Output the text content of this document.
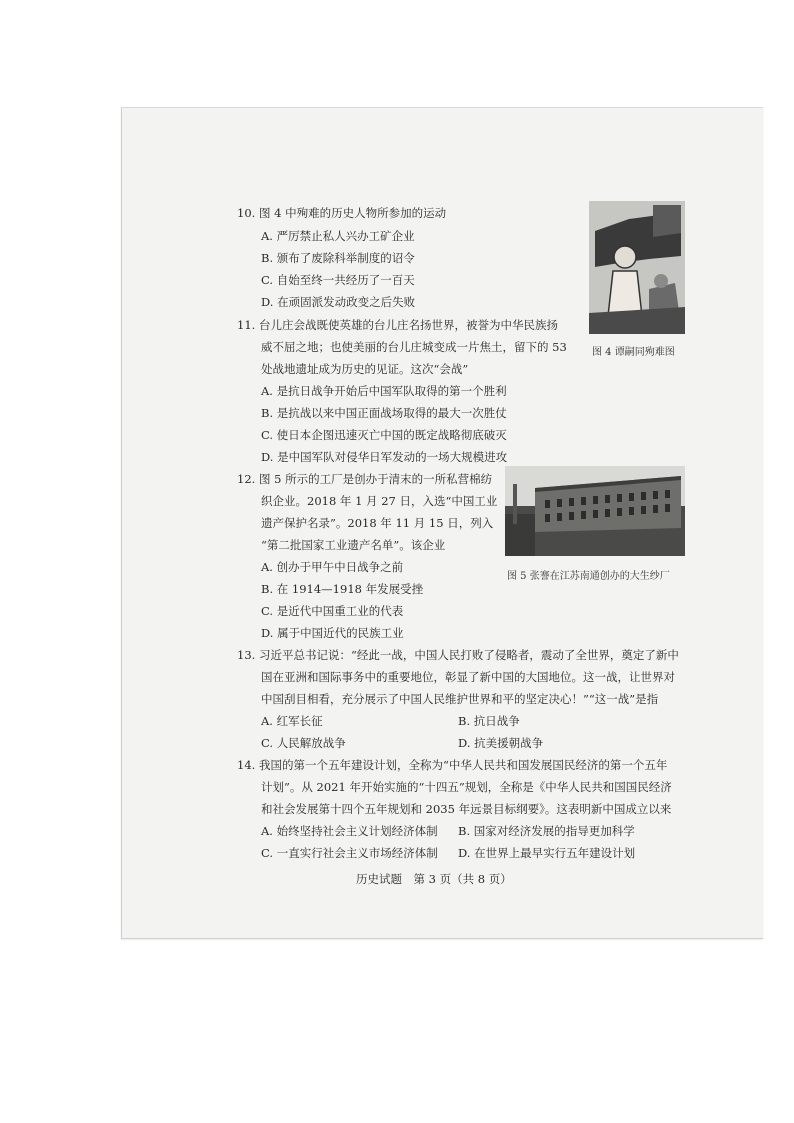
10. 图 4 中殉难的历史人物所参加的运动
A. 严厉禁止私人兴办工矿企业
B. 颁布了废除科举制度的诏令
C. 自始至终一共经历了一百天
D. 在顽固派发动政变之后失败
图 4 谭嗣同殉难图
11. 台儿庄会战既使英雄的台儿庄名扬世界，被誉为中华民族扬
威不屈之地；也使美丽的台儿庄城变成一片焦土，留下的 53
处战地遗址成为历史的见证。这次“会战”
A. 是抗日战争开始后中国军队取得的第一个胜利
B. 是抗战以来中国正面战场取得的最大一次胜仗
C. 使日本企图迅速灭亡中国的既定战略彻底破灭
D. 是中国军队对侵华日军发动的一场大规模进攻
12. 图 5 所示的工厂是创办于清末的一所私营棉纺
织企业。2018 年 1 月 27 日，入选“中国工业
遗产保护名录”。2018 年 11 月 15 日，列入
“第二批国家工业遗产名单”。该企业
A. 创办于甲午中日战争之前
B. 在 1914—1918 年发展受挫
C. 是近代中国重工业的代表
D. 属于中国近代的民族工业
图 5 张謇在江苏南通创办的大生纱厂
13. 习近平总书记说：“经此一战，中国人民打败了侵略者，震动了全世界，奠定了新中
国在亚洲和国际事务中的重要地位，彰显了新中国的大国地位。这一战，让世界对
中国刮目相看，充分展示了中国人民维护世界和平的坚定决心！”“这一战”是指
A. 红军长征	B. 抗日战争
C. 人民解放战争	D. 抗美援朝战争
14. 我国的第一个五年建设计划，全称为“中华人民共和国发展国民经济的第一个五年
计划”。从 2021 年开始实施的“十四五”规划，全称是《中华人民共和国国民经济
和社会发展第十四个五年规划和 2035 年远景目标纲要》。这表明新中国成立以来
A. 始终坚持社会主义计划经济体制 B. 国家对经济发展的指导更加科学
C. 一直实行社会主义市场经济体制 D. 在世界上最早实行五年建设计划
历史试题　第 3 页（共 8 页）
